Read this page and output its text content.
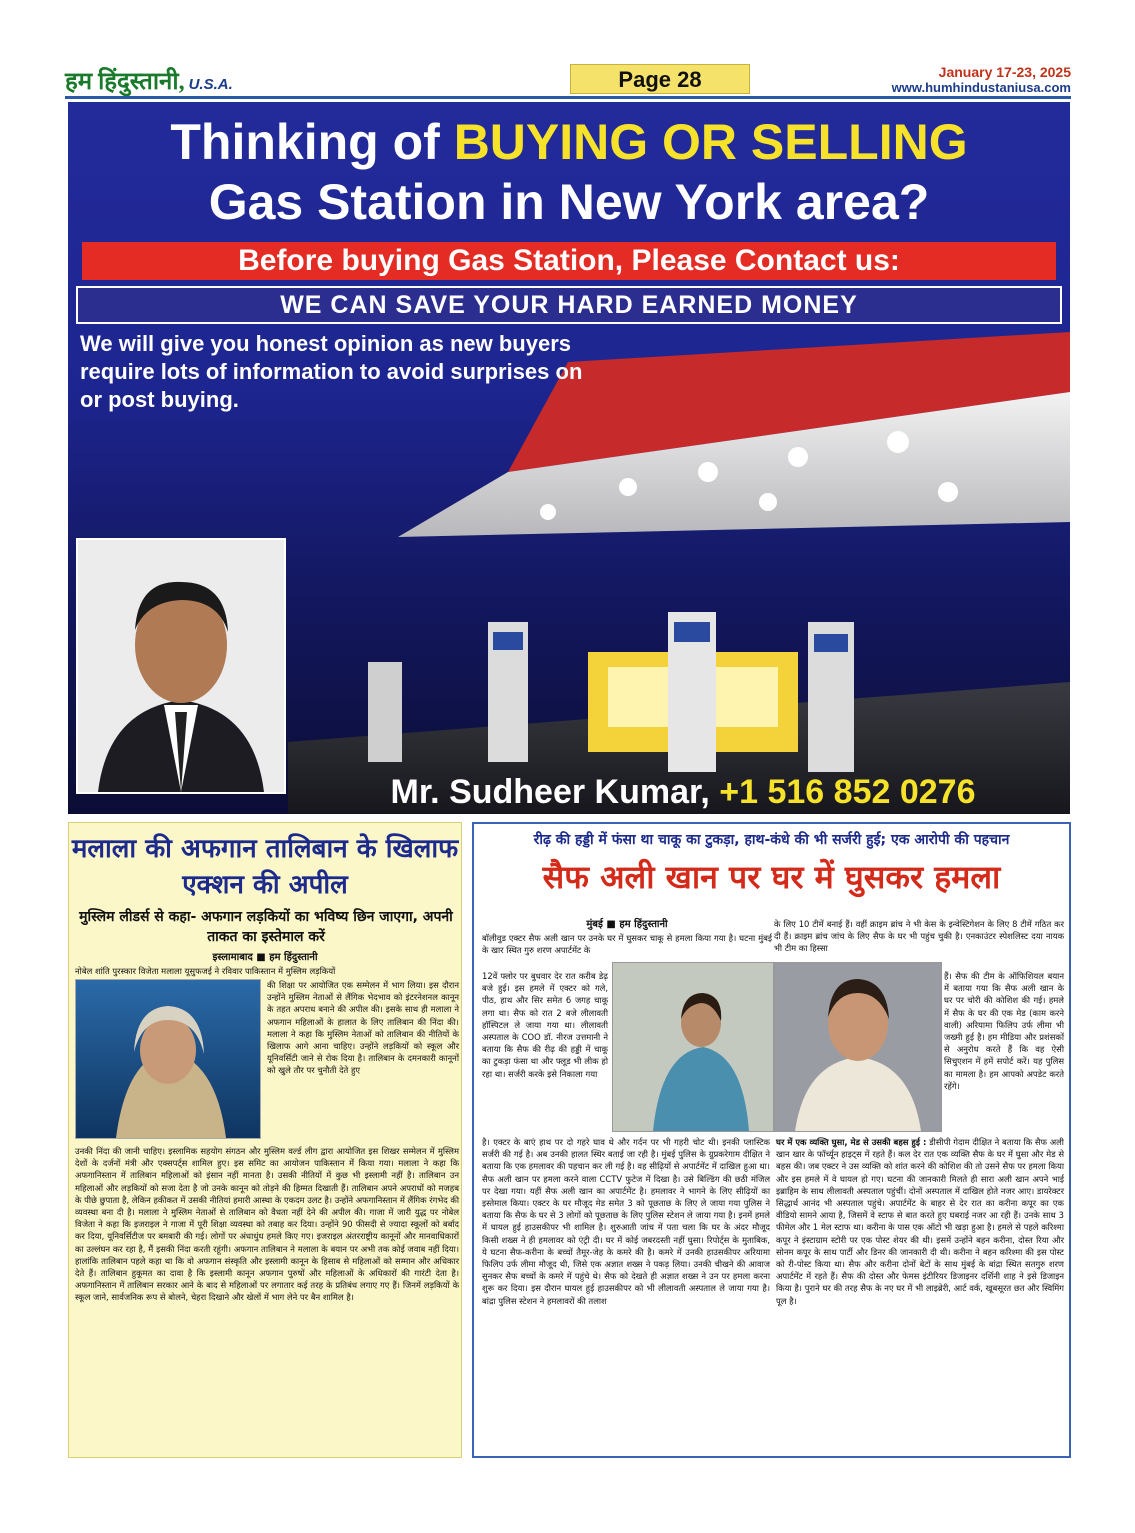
हम हिंदुस्तानी, U.S.A.	Page 28	January 17-23, 2025
www.humhindustaniusa.com
Thinking of BUYING OR SELLING
Gas Station in New York area?
Before buying Gas Station, Please Contact us:
WE CAN SAVE YOUR HARD EARNED MONEY
We will give you honest opinion as new buyers require lots of information to avoid surprises on or post buying.
Mr. Sudheer Kumar, +1 516 852 0276
मलाला की अफगान तालिबान के खिलाफ एक्शन की अपील
मुस्लिम लीडर्स से कहा- अफगान लड़कियों का भविष्य छिन जाएगा, अपनी ताकत का इस्तेमाल करें
इस्लामाबाद ■ हम हिंदुस्तानी
नोबेल शांति पुरस्कार विजेता मलाला यूसुफजई ने रविवार पाकिस्तान में मुस्लिम लड़कियों
की शिक्षा पर आयोजित एक सम्मेलन में भाग लिया। इस दौरान उन्होंने मुस्लिम नेताओं से लैंगिक भेदभाव को इंटरनेशनल कानून के तहत अपराध बनाने की अपील की। इसके साथ ही मलाला ने अफगान महिलाओं के हालात के लिए तालिबान की निंदा की। मलाला ने कहा कि मुस्लिम नेताओं को तालिबान की नीतियों के खिलाफ आगे आना चाहिए। उन्होंने लड़कियों को स्कूल और यूनिवर्सिटी जाने से रोक दिया है। तालिबान के दमनकारी कानूनों को खुले तौर पर चुनौती देते हुए
उनकी निंदा की जानी चाहिए। इस्लामिक सहयोग संगठन और मुस्लिम वर्ल्ड लीग द्वारा आयोजित इस शिखर सम्मेलन में मुस्लिम देशों के दर्जनों मंत्री और एक्सपर्ट्स शामिल हुए। इस समिट का आयोजन पाकिस्तान में किया गया। मलाला ने कहा कि अफगानिस्तान में तालिबान महिलाओं को इंसान नहीं मानता है। उसकी नीतियों में कुछ भी इस्लामी नहीं है। तालिबान उन महिलाओं और लड़कियों को सजा देता है जो उनके कानून को तोड़ने की हिम्मत दिखाती हैं। तालिबान अपने अपराधों को मजहब के पीछे छुपाता है, लेकिन हकीकत में उसकी नीतियां हमारी आस्था के एकदम उलट है। उन्होंने अफगानिस्तान में लैंगिक रंगभेद की व्यवस्था बना दी है। मलाला ने मुस्लिम नेताओं से तालिबान को वैधता नहीं देने की अपील की। गाजा में जारी युद्ध पर नोबेल विजेता ने कहा कि इजराइल ने गाजा में पूरी शिक्षा व्यवस्था को तबाह कर दिया। उन्होंने 90 फीसदी से ज्यादा स्कूलों को बर्बाद कर दिया, यूनिवर्सिटीज पर बमबारी की गई। लोगों पर अंधाधुंध हमले किए गए। इजराइल अंतरराष्ट्रीय कानूनों और मानवाधिकारों का उल्लंघन कर रहा है, मैं इसकी निंदा करती रहूंगी। अफगान तालिबान ने मलाला के बयान पर अभी तक कोई जवाब नहीं दिया। हालांकि तालिबान पहले कहा था कि वो अफगान संस्कृति और इस्लामी कानून के हिसाब से महिलाओं को सम्मान और अधिकार देते हैं। तालिबान हुकूमत का दावा है कि इस्लामी कानून अफगान पुरुषों और महिलाओं के अधिकारों की गारंटी देता है। अफगानिस्तान में तालिबान सरकार आने के बाद से महिलाओं पर लगातार कई तरह के प्रतिबंध लगाए गए हैं। जिनमें लड़कियों के स्कूल जाने, सार्वजनिक रूप से बोलने, चेहरा दिखाने और खेलों में भाग लेने पर बैन शामिल है।
रीढ़ की हड्डी में फंसा था चाकू का टुकड़ा, हाथ-कंधे की भी सर्जरी हुई; एक आरोपी की पहचान
सैफ अली खान पर घर में घुसकर हमला
मुंबई ■ हम हिंदुस्तानी
बॉलीवुड एक्टर सैफ अली खान पर उनके घर में घुसकर चाकू से हमला किया गया है। घटना मुंबई के खार स्थित गुरु शरण अपार्टमेंट के
12वें फ्लोर पर बुधवार देर रात करीब डेढ़ बजे हुई। इस हमले में एक्टर को गले, पीठ, हाथ और सिर समेत 6 जगह चाकू लगा था। सैफ को रात 2 बजे लीलावती हॉस्पिटल ले जाया गया था। लीलावती अस्पताल के COO डॉ. नीरज उत्तमानी ने बताया कि सैफ की रीढ़ की हड्डी में चाकू का टुकड़ा फंसा था और फ्लूड भी लीक हो रहा था। सर्जरी करके इसे निकाला गया
के लिए 10 टीमें बनाई हैं। वहीं क्राइम ब्रांच ने भी केस के इन्वेस्टिगेशन के लिए 8 टीमें गठित कर दी हैं। क्राइम ब्रांच जांच के लिए सैफ के घर भी पहुंच चुकी है। एनकाउंटर स्पेशलिस्ट दया नायक भी टीम का हिस्सा
हैं। सैफ की टीम के ऑफिशियल बयान में बताया गया कि सैफ अली खान के घर पर चोरी की कोशिश की गई। हमले में सैफ के घर की एक मेड (काम करने वाली) अरियामा फिलिप उर्फ लीमा भी जख्मी हुई है। हम मीडिया और प्रशंसकों से अनुरोध करते हैं कि वह ऐसी सिचुएशन में हमें सपोर्ट करें। यह पुलिस का मामला है। हम आपको अपडेट करते रहेंगे।
है। एक्टर के बाएं हाथ पर दो गहरे घाव थे और गर्दन पर भी गहरी चोट थी। इनकी प्लास्टिक सर्जरी की गई है। अब उनकी हालत स्थिर बताई जा रही है। मुंबई पुलिस के ग्रुप्रकरेगाम दीक्षित ने बताया कि एक हमलावर की पहचान कर ली गई है। वह सीढ़ियों से अपार्टमेंट में दाखिल हुआ था। सैफ अली खान पर हमला करने वाला CCTV फुटेज में दिखा है। उसे बिल्डिंग की छठी मंजिल पर देखा गया। यहीं सैफ अली खान का अपार्टमेंट है। हमलावर ने भागने के लिए सीढ़ियों का इस्तेमाल किया। एक्टर के घर मौजूद मेड समेत 3 को पूछताछ के लिए ले जाया गया पुलिस ने बताया कि सैफ के घर से 3 लोगों को पूछताछ के लिए पुलिस स्टेशन ले जाया गया है। इनमें हमले में घायल हुई हाउसकीपर भी शामिल है। शुरुआती जांच में पता चला कि घर के अंदर मौजूद किसी शख्स ने ही हमलावर को एंट्री दी। घर में कोई जबरदस्ती नहीं घुसा। रिपोर्ट्स के मुताबिक, ये घटना सैफ-करीना के बच्चों तैमूर-जेह के कमरे की है। कमरे में उनकी हाउसकीपर अरियामा फिलिप उर्फ लीमा मौजूद थी, जिसे एक अज्ञात शख्स ने पकड़ लिया। उनकी चीखने की आवाज सुनकर सैफ बच्चों के कमरे में पहुंचे थे। सैफ को देखते ही अज्ञात शख्स ने उन पर हमला करना शुरू कर दिया। इस दौरान घायल हुई हाउसकीपर को भी लीलावती अस्पताल ले जाया गया है। बांद्रा पुलिस स्टेशन ने हमलावरों की तलाश
घर में एक व्यक्ति घुसा, मेड से उसकी बहस हुई : डीसीपी गेदाम दीक्षित ने बताया कि सैफ अली खान खार के फॉर्च्यून हाइट्स में रहते हैं। कल देर रात एक व्यक्ति सैफ के घर में घुसा और मेड से बहस की। जब एक्टर ने उस व्यक्ति को शांत करने की कोशिश की तो उसने सैफ पर हमला किया और इस हमले में वे घायल हो गए। घटना की जानकारी मिलते ही सारा अली खान अपने भाई इब्राहिम के साथ लीलावती अस्पताल पहुंचीं। दोनों अस्पताल में दाखिल होते नजर आए। डायरेक्टर सिद्धार्थ आनंद भी अस्पताल पहुंचे। अपार्टमेंट के बाहर से देर रात का करीना कपूर का एक वीडियो सामने आया है, जिसमें वे स्टाफ से बात करते हुए घबराई नजर आ रही हैं। उनके साथ 3 फीमेल और 1 मेल स्टाफ था। करीना के पास एक ऑटो भी खड़ा हुआ है। हमले से पहले करिश्मा कपूर ने इंस्टाग्राम स्टोरी पर एक पोस्ट शेयर की थी। इसमें उन्होंने बहन करीना, दोस्त रिया और सोनम कपूर के साथ पार्टी और डिनर की जानकारी दी थी। करीना ने बहन करिश्मा की इस पोस्ट को री-पोस्ट किया था। सैफ और करीना दोनों बेटों के साथ मुंबई के बांद्रा स्थित सतगुरु शरण अपार्टमेंट में रहते हैं। सैफ की दोस्त और फेमस इंटीरियर डिजाइनर दर्शिनी शाह ने इसे डिजाइन किया है। पुराने घर की तरह सैफ के नए घर में भी लाइब्रेरी, आर्ट वर्क, खूबसूरत छत और स्विमिंग पूल है।
